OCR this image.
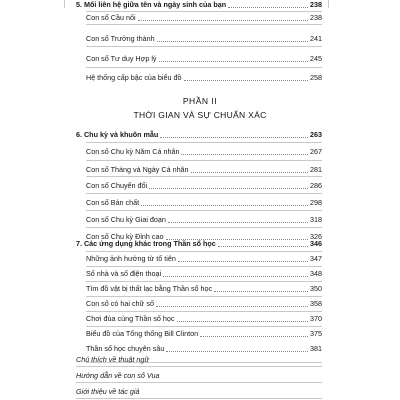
5. Mối liên hệ giữa tên và ngày sinh của bạn	238
Con số Cầu nối	238
Con số Trưởng thành	241
Con số Tư duy Hợp lý	245
Hệ thống cấp bậc của biểu đồ	258
PHẦN II
THỜI GIAN VÀ SỰ CHUẨN XÁC
6. Chu kỳ và khuôn mẫu	263
Con số Chu kỳ Năm Cá nhân	267
Con số Tháng và Ngày Cá nhân	281
Con số Chuyển đổi	286
Con số Bản chất	298
Con số Chu kỳ Giai đoạn	318
Con số Chu kỳ Đỉnh cao	326
7. Các ứng dụng khác trong Thần số học	346
Những ảnh hưởng từ tổ tiên	347
Số nhà và số điện thoại	348
Tìm đồ vật bị thất lạc bằng Thần số học	350
Con số có hai chữ số	358
Chơi đùa cùng Thần số học	370
Biểu đồ của Tổng thống Bill Clinton	375
Thần số học chuyên sâu	381
Chú thích về thuật ngữ
Hướng dẫn về con số Vua
Giới thiệu về tác giả
